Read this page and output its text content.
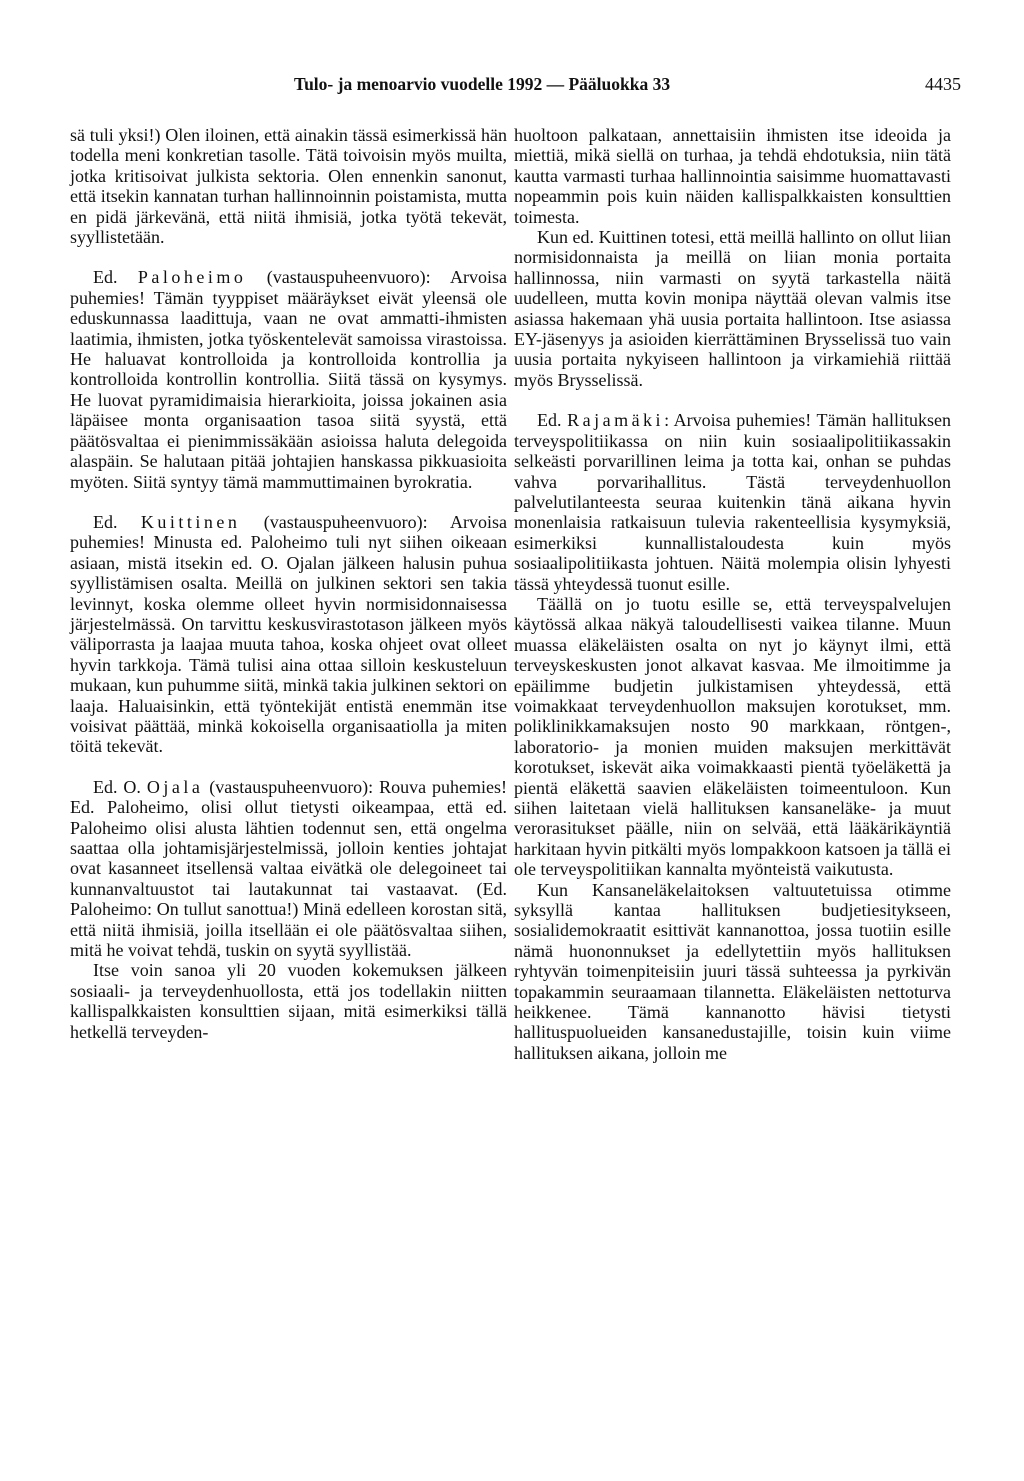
Tulo- ja menoarvio vuodelle 1992 — Pääluokka 33	4435

sä tuli yksi!) Olen iloinen, että ainakin tässä esimerkissä hän todella meni konkretian tasolle. Tätä toivoisin myös muilta, jotka kritisoivat julkista sektoria. Olen ennenkin sanonut, että itsekin kannatan turhan hallinnoinnin poistamista, mutta en pidä järkevänä, että niitä ihmisiä, jotka työtä tekevät, syyllistetään.

Ed. Paloheimo (vastauspuheenvuoro): Arvoisa puhemies! Tämän tyyppiset määräykset eivät yleensä ole eduskunnassa laadittuja, vaan ne ovat ammatti-ihmisten laatimia, ihmisten, jotka työskentelevät samoissa virastoissa. He haluavat kontrolloida ja kontrolloida kontrollia ja kontrolloida kontrollin kontrollia. Siitä tässä on kysymys. He luovat pyramidimaisia hierarkioita, joissa jokainen asia läpäisee monta organisaation tasoa siitä syystä, että päätösvaltaa ei pienimmissäkään asioissa haluta delegoida alaspäin. Se halutaan pitää johtajien hanskassa pikkuasioita myöten. Siitä syntyy tämä mammuttimainen byrokratia.

Ed. Kuittinen (vastauspuheenvuoro): Arvoisa puhemies! Minusta ed. Paloheimo tuli nyt siihen oikeaan asiaan, mistä itsekin ed. O. Ojalan jälkeen halusin puhua syyllistämisen osalta. Meillä on julkinen sektori sen takia levinnyt, koska olemme olleet hyvin normisidonnaisessa järjestelmässä. On tarvittu keskusvirastotason jälkeen myös väliporrasta ja laajaa muuta tahoa, koska ohjeet ovat olleet hyvin tarkkoja. Tämä tulisi aina ottaa silloin keskusteluun mukaan, kun puhumme siitä, minkä takia julkinen sektori on laaja. Haluaisinkin, että työntekijät entistä enemmän itse voisivat päättää, minkä kokoisella organisaatiolla ja miten töitä tekevät.

Ed. O. Ojala (vastauspuheenvuoro): Rouva puhemies! Ed. Paloheimo, olisi ollut tietysti oikeampaa, että ed. Paloheimo olisi alusta lähtien todennut sen, että ongelma saattaa olla johtamisjärjestelmissä, jolloin kenties johtajat ovat kasanneet itsellensä valtaa eivätkä ole delegoineet tai kunnanvaltuustot tai lautakunnat tai vastaavat. (Ed. Paloheimo: On tullut sanottua!) Minä edelleen korostan sitä, että niitä ihmisiä, joilla itsellään ei ole päätösvaltaa siihen, mitä he voivat tehdä, tuskin on syytä syyllistää.

Itse voin sanoa yli 20 vuoden kokemuksen jälkeen sosiaali- ja terveydenhuollosta, että jos todellakin niitten kallispalkkaisten konsulttien sijaan, mitä esimerkiksi tällä hetkellä terveyden-

huoltoon palkataan, annettaisiin ihmisten itse ideoida ja miettiä, mikä siellä on turhaa, ja tehdä ehdotuksia, niin tätä kautta varmasti turhaa hallinnointia saisimme huomattavasti nopeammin pois kuin näiden kallispalkkaisten konsulttien toimesta.

Kun ed. Kuittinen totesi, että meillä hallinto on ollut liian normisidonnaista ja meillä on liian monia portaita hallinnossa, niin varmasti on syytä tarkastella näitä uudelleen, mutta kovin monipa näyttää olevan valmis itse asiassa hakemaan yhä uusia portaita hallintoon. Itse asiassa EY-jäsenyys ja asioiden kierrättäminen Brysselissä tuo vain uusia portaita nykyiseen hallintoon ja virkamiehiä riittää myös Brysselissä.

Ed. Rajamäki: Arvoisa puhemies! Tämän hallituksen terveyspolitiikassa on niin kuin sosiaalipolitiikassakin selkeästi porvarillinen leima ja totta kai, onhan se puhdas vahva porvarihallitus. Tästä terveydenhuollon palvelutilanteesta seuraa kuitenkin tänä aikana hyvin monenlaisia ratkaisuun tulevia rakenteellisia kysymyksiä, esimerkiksi kunnallistaloudesta kuin myös sosiaalipolitiikasta johtuen. Näitä molempia olisin lyhyesti tässä yhteydessä tuonut esille.

Täällä on jo tuotu esille se, että terveyspalvelujen käytössä alkaa näkyä taloudellisesti vaikea tilanne. Muun muassa eläkeläisten osalta on nyt jo käynyt ilmi, että terveyskeskusten jonot alkavat kasvaa. Me ilmoitimme ja epäilimme budjetin julkistamisen yhteydessä, että voimakkaat terveydenhuollon maksujen korotukset, mm. poliklinikkamaksujen nosto 90 markkaan, röntgen-, laboratorio- ja monien muiden maksujen merkittävät korotukset, iskevät aika voimakkaasti pientä työeläkettä ja pientä eläkettä saavien eläkeläisten toimeentuloon. Kun siihen laitetaan vielä hallituksen kansaneläke- ja muut verorasitukset päälle, niin on selvää, että lääkärikäyntiä harkitaan hyvin pitkälti myös lompakkoon katsoen ja tällä ei ole terveyspolitiikan kannalta myönteistä vaikutusta.

Kun Kansaneläkelaitoksen valtuutetuissa otimme syksyllä kantaa hallituksen budjetiesitykseen, sosialidemokraatit esittivät kannanottoa, jossa tuotiin esille nämä huononnukset ja edellytettiin myös hallituksen ryhtyvän toimenpiteisiin juuri tässä suhteessa ja pyrkivän topakammin seuraamaan tilannetta. Eläkeläisten nettoturva heikkenee. Tämä kannanotto hävisi tietysti hallituspuolueiden kansanedustajille, toisin kuin viime hallituksen aikana, jolloin me
